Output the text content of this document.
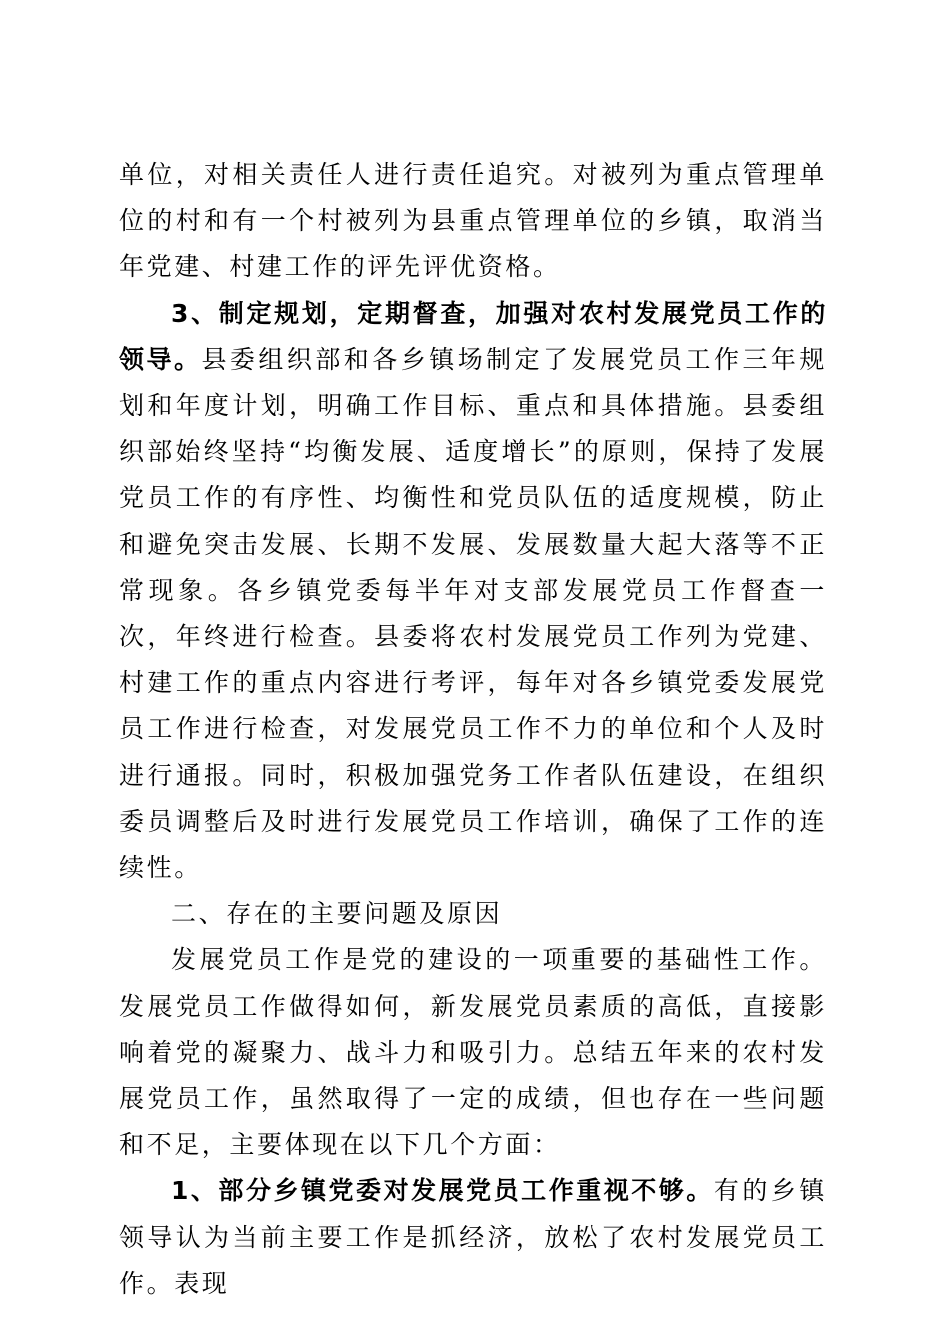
单位，对相关责任人进行责任追究。对被列为重点管理单位的村和有一个村被列为县重点管理单位的乡镇，取消当年党建、村建工作的评先评优资格。

3、制定规划，定期督查，加强对农村发展党员工作的领导。县委组织部和各乡镇场制定了发展党员工作三年规划和年度计划，明确工作目标、重点和具体措施。县委组织部始终坚持“均衡发展、适度增长”的原则，保持了发展党员工作的有序性、均衡性和党员队伍的适度规模，防止和避免突击发展、长期不发展、发展数量大起大落等不正常现象。各乡镇党委每半年对支部发展党员工作督查一次，年终进行检查。县委将农村发展党员工作列为党建、村建工作的重点内容进行考评，每年对各乡镇党委发展党员工作进行检查，对发展党员工作不力的单位和个人及时进行通报。同时，积极加强党务工作者队伍建设，在组织委员调整后及时进行发展党员工作培训，确保了工作的连续性。

二、存在的主要问题及原因

发展党员工作是党的建设的一项重要的基础性工作。发展党员工作做得如何，新发展党员素质的高低，直接影响着党的凝聚力、战斗力和吸引力。总结五年来的农村发展党员工作，虽然取得了一定的成绩，但也存在一些问题和不足，主要体现在以下几个方面：

1、部分乡镇党委对发展党员工作重视不够。有的乡镇领导认为当前主要工作是抓经济，放松了农村发展党员工作。表现
